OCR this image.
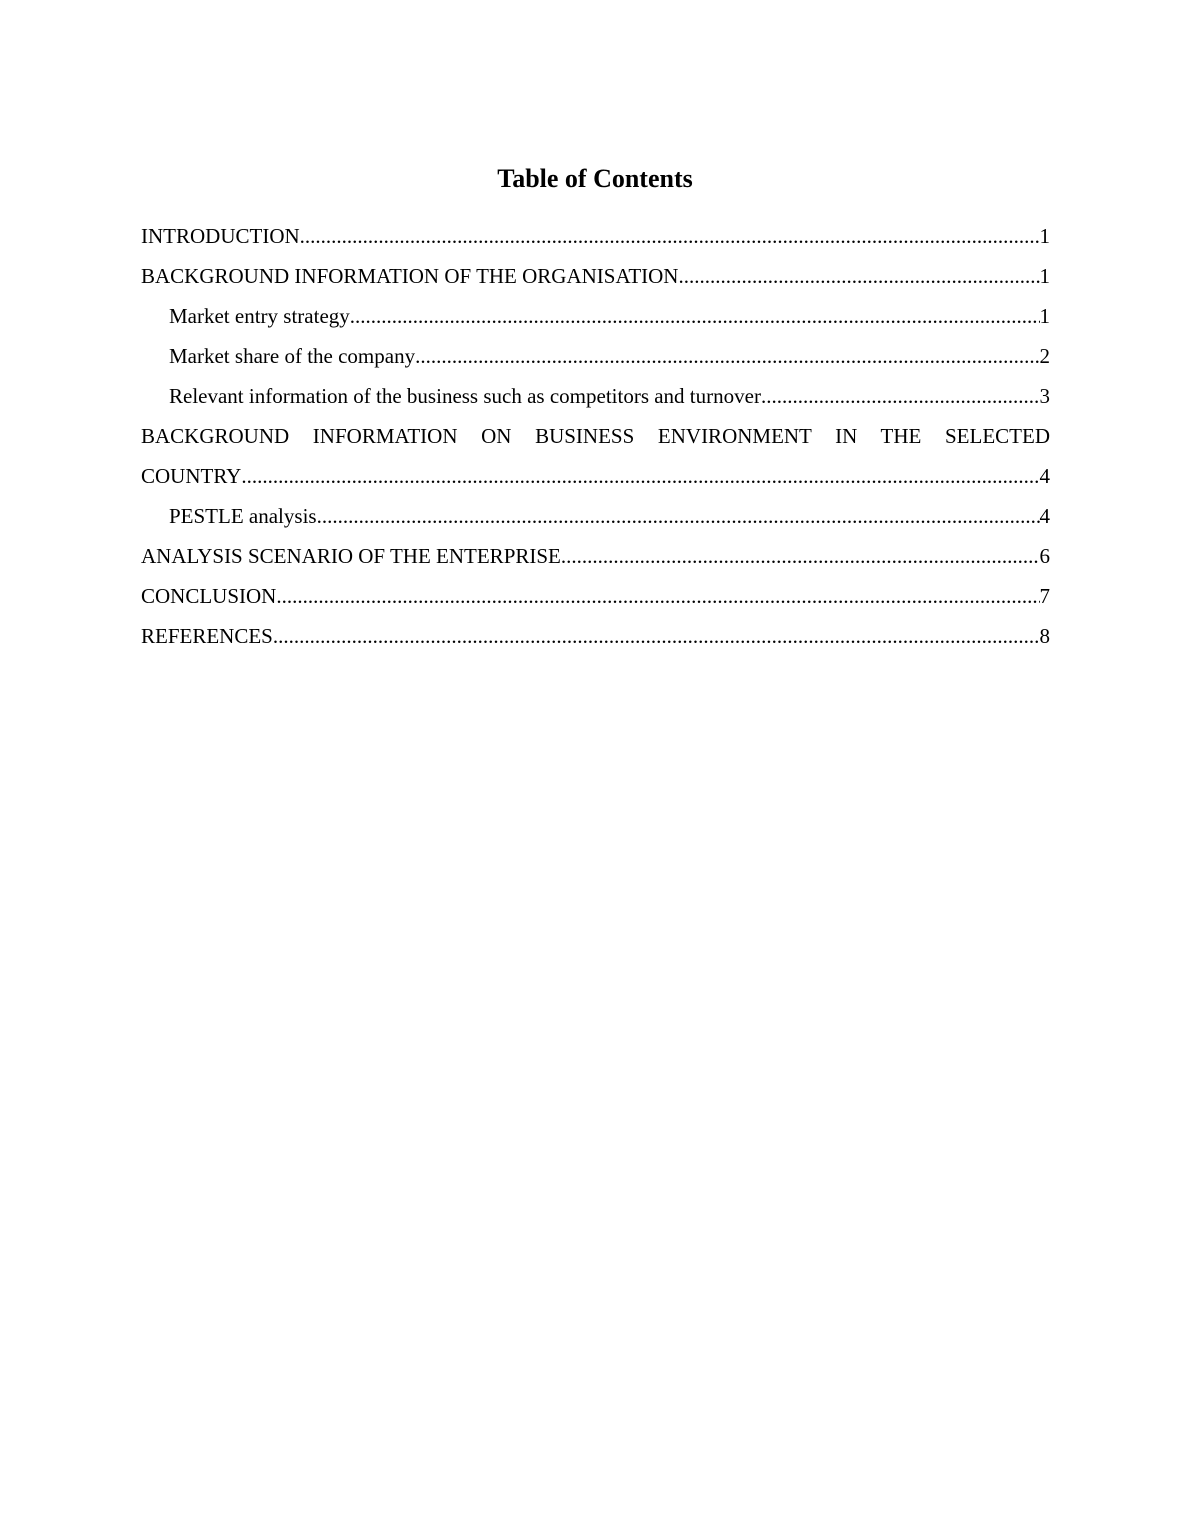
Table of Contents
INTRODUCTION .....	1
BACKGROUND INFORMATION OF THE ORGANISATION .....	1
Market entry strategy .....	1
Market share of the company .....	2
Relevant information of the business such as competitors and turnover .....	3
BACKGROUND INFORMATION ON BUSINESS ENVIRONMENT IN THE SELECTED
COUNTRY .....	4
PESTLE analysis .....	4
ANALYSIS SCENARIO OF THE ENTERPRISE .....	6
CONCLUSION .....	7
REFERENCES .....	8
